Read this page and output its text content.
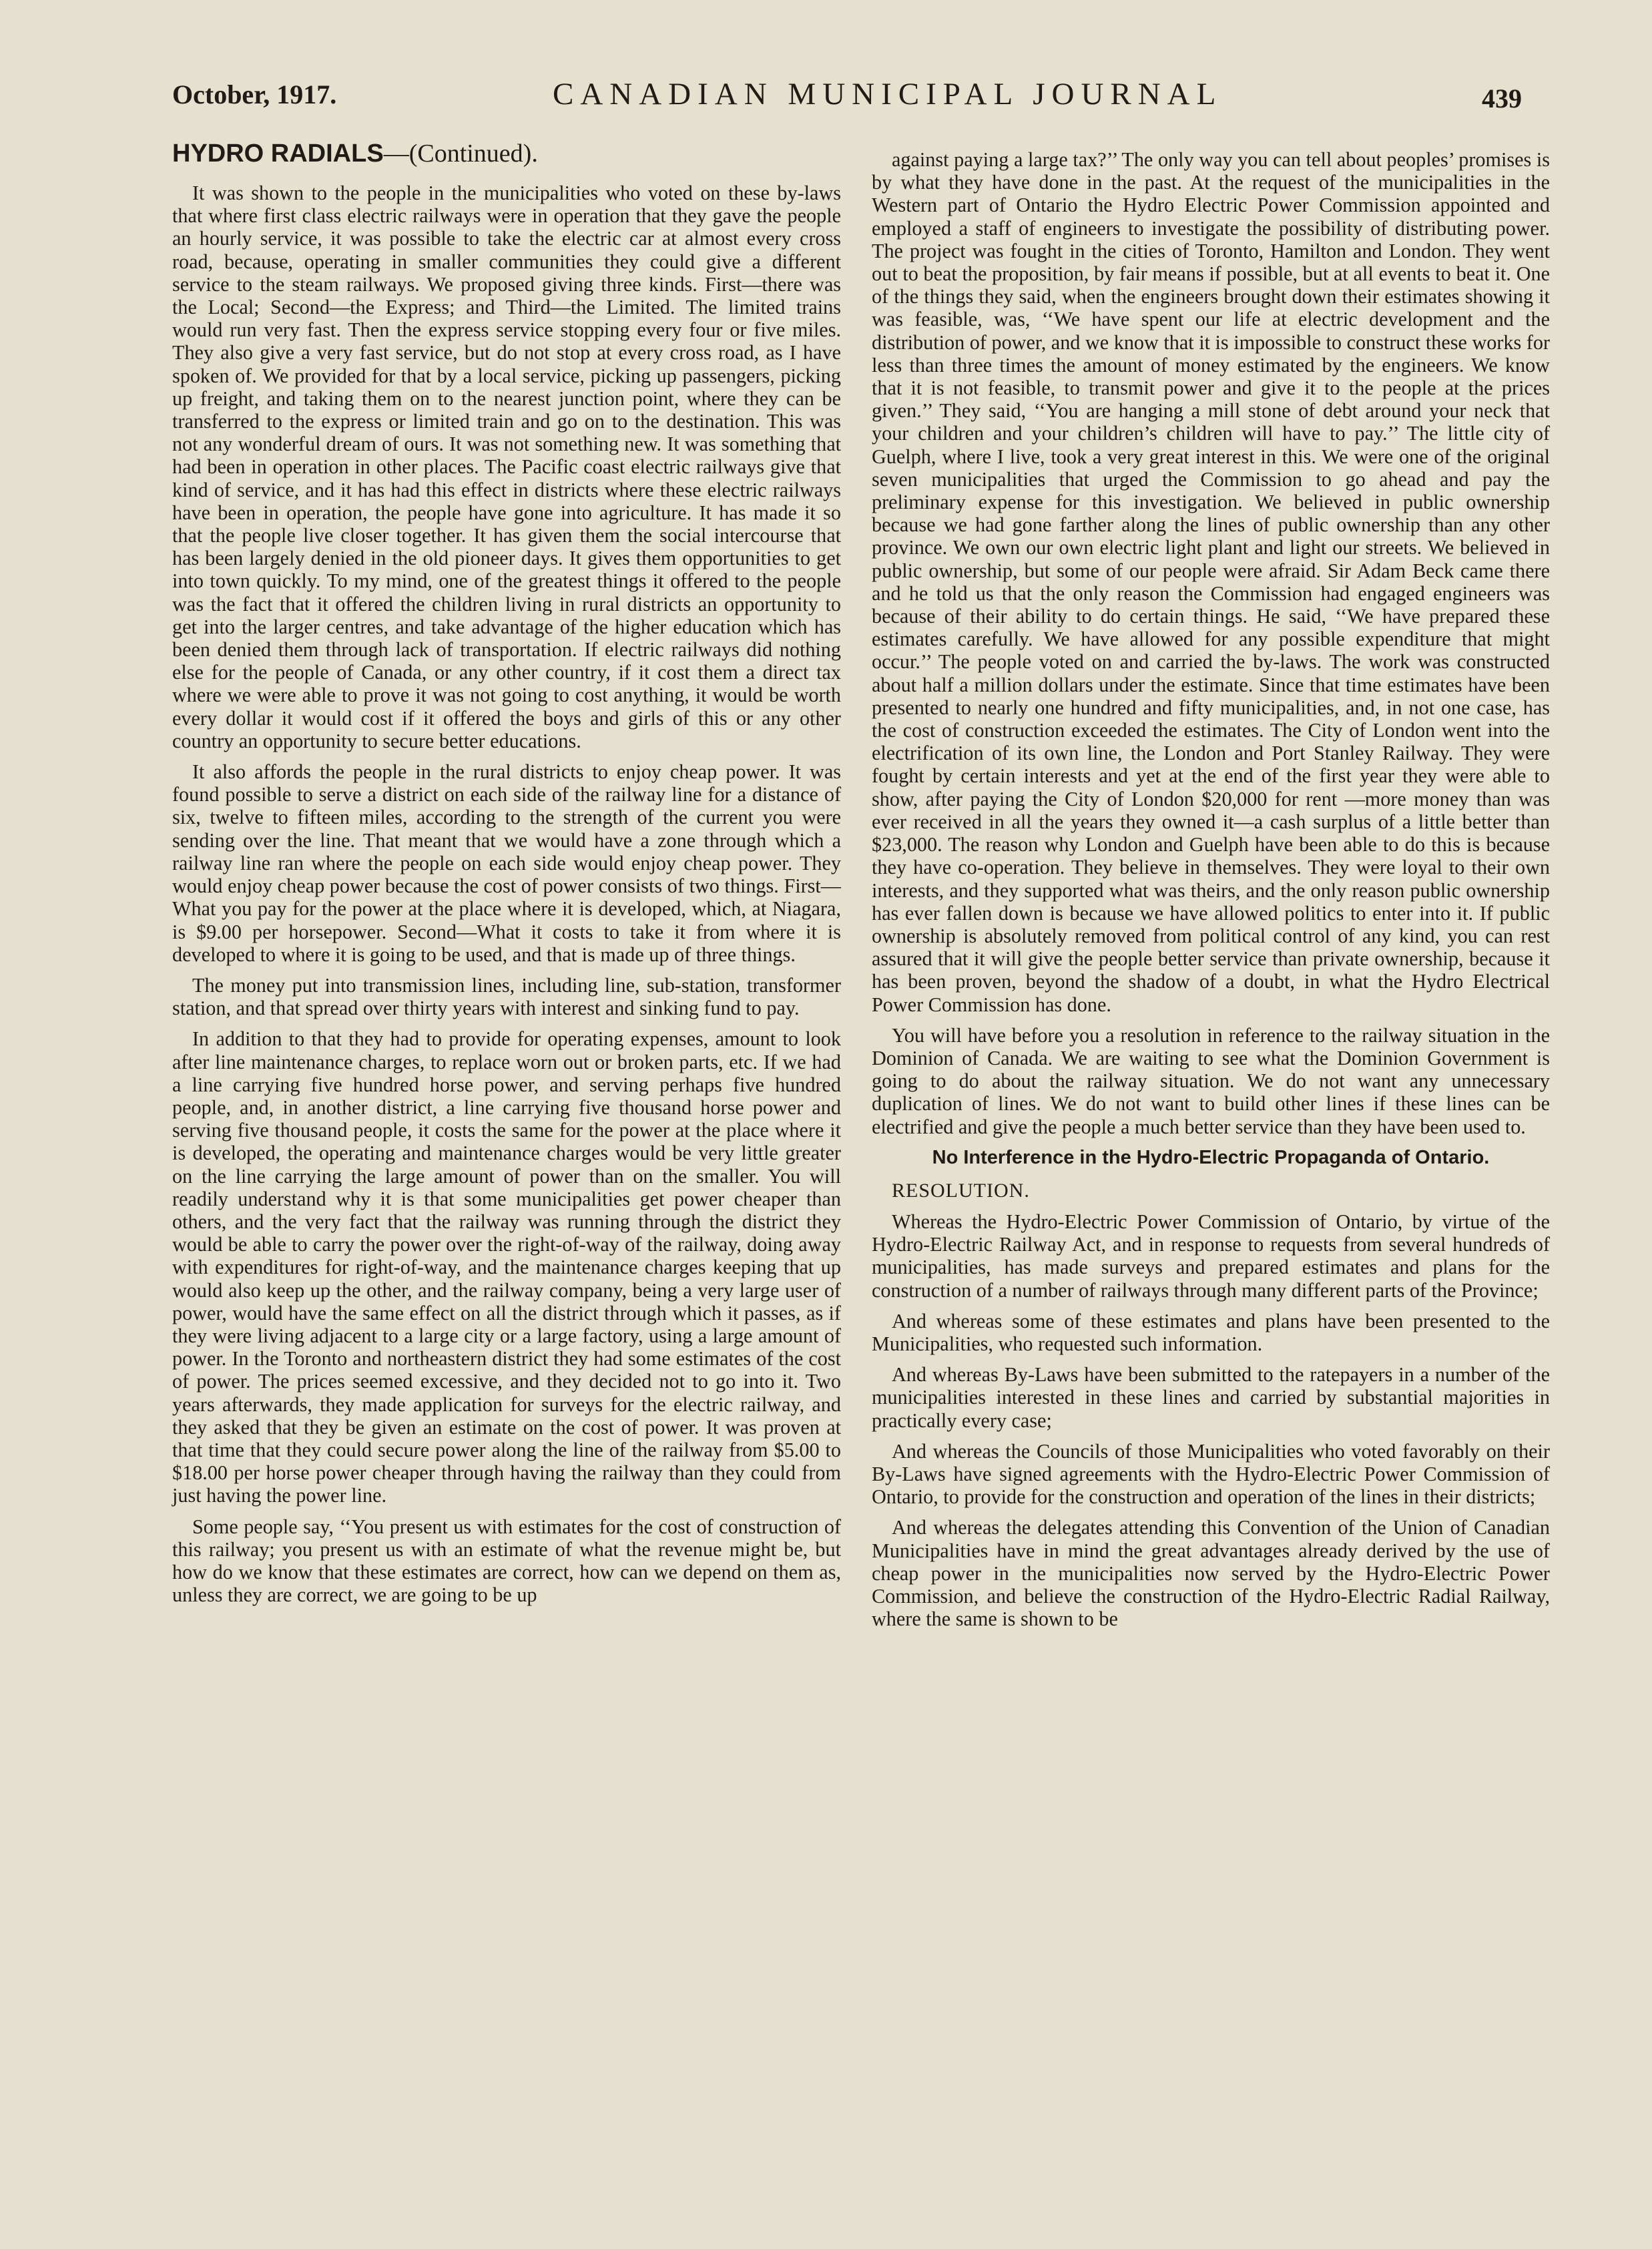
October, 1917.	CANADIAN MUNICIPAL JOURNAL	439
HYDRO RADIALS—(Continued).

It was shown to the people in the municipalities who voted on these by-laws that where first class electric railways were in operation that they gave the people an hourly service, it was possible to take the electric car at almost every cross road, because, operating in smaller communities they could give a different service to the steam railways. We proposed giving three kinds. First—there was the Local; Second—the Express; and Third—the Limited. The limited trains would run very fast. Then the express service stopping every four or five miles. They also give a very fast service, but do not stop at every cross road, as I have spoken of. We provided for that by a local service, picking up passengers, picking up freight, and taking them on to the nearest junction point, where they can be transferred to the express or limited train and go on to the destination. This was not any wonderful dream of ours. It was not something new. It was something that had been in operation in other places. The Pacific coast electric railways give that kind of service, and it has had this effect in districts where these electric railways have been in operation, the people have gone into agriculture. It has made it so that the people live closer together. It has given them the social intercourse that has been largely denied in the old pioneer days. It gives them opportunities to get into town quickly. To my mind, one of the greatest things it offered to the people was the fact that it offered the children living in rural districts an opportunity to get into the larger centres, and take advantage of the higher education which has been denied them through lack of transportation. If electric railways did nothing else for the people of Canada, or any other country, if it cost them a direct tax where we were able to prove it was not going to cost anything, it would be worth every dollar it would cost if it offered the boys and girls of this or any other country an opportunity to secure better educations.

It also affords the people in the rural districts to enjoy cheap power. It was found possible to serve a district on each side of the railway line for a distance of six, twelve to fifteen miles, according to the strength of the current you were sending over the line. That meant that we would have a zone through which a railway line ran where the people on each side would enjoy cheap power. They would enjoy cheap power because the cost of power consists of two things. First—What you pay for the power at the place where it is developed, which, at Niagara, is $9.00 per horsepower. Second—What it costs to take it from where it is developed to where it is going to be used, and that is made up of three things.

The money put into transmission lines, including line, sub-station, transformer station, and that spread over thirty years with interest and sinking fund to pay.

In addition to that they had to provide for operating expenses, amount to look after line maintenance charges, to replace worn out or broken parts, etc. If we had a line carrying five hundred horse power, and serving perhaps five hundred people, and, in another district, a line carrying five thousand horse power and serving five thousand people, it costs the same for the power at the place where it is developed, the operating and maintenance charges would be very little greater on the line carrying the large amount of power than on the smaller. You will readily understand why it is that some municipalities get power cheaper than others, and the very fact that the railway was running through the district they would be able to carry the power over the right-of-way of the railway, doing away with expenditures for right-of-way, and the maintenance charges keeping that up would also keep up the other, and the railway company, being a very large user of power, would have the same effect on all the district through which it passes, as if they were living adjacent to a large city or a large factory, using a large amount of power. In the Toronto and northeastern district they had some estimates of the cost of power. The prices seemed excessive, and they decided not to go into it. Two years afterwards, they made application for surveys for the electric railway, and they asked that they be given an estimate on the cost of power. It was proven at that time that they could secure power along the line of the railway from $5.00 to $18.00 per horse power cheaper through having the railway than they could from just having the power line.

Some people say, ‘‘You present us with estimates for the cost of construction of this railway; you present us with an estimate of what the revenue might be, but how do we know that these estimates are correct, how can we depend on them as, unless they are correct, we are going to be up

against paying a large tax?’’ The only way you can tell about peoples’ promises is by what they have done in the past. At the request of the municipalities in the Western part of Ontario the Hydro Electric Power Commission appointed and employed a staff of engineers to investigate the possibility of distributing power. The project was fought in the cities of Toronto, Hamilton and London. They went out to beat the proposition, by fair means if possible, but at all events to beat it. One of the things they said, when the engineers brought down their estimates showing it was feasible, was, ‘‘We have spent our life at electric development and the distribution of power, and we know that it is impossible to construct these works for less than three times the amount of money estimated by the engineers. We know that it is not feasible, to transmit power and give it to the people at the prices given.’’ They said, ‘‘You are hanging a mill stone of debt around your neck that your children and your children’s children will have to pay.’’ The little city of Guelph, where I live, took a very great interest in this. We were one of the original seven municipalities that urged the Commission to go ahead and pay the preliminary expense for this investigation. We believed in public ownership because we had gone farther along the lines of public ownership than any other province. We own our own electric light plant and light our streets. We believed in public ownership, but some of our people were afraid. Sir Adam Beck came there and he told us that the only reason the Commission had engaged engineers was because of their ability to do certain things. He said, ‘‘We have prepared these estimates carefully. We have allowed for any possible expenditure that might occur.’’ The people voted on and carried the by-laws. The work was constructed about half a million dollars under the estimate. Since that time estimates have been presented to nearly one hundred and fifty municipalities, and, in not one case, has the cost of construction exceeded the estimates. The City of London went into the electrification of its own line, the London and Port Stanley Railway. They were fought by certain interests and yet at the end of the first year they were able to show, after paying the City of London $20,000 for rent —more money than was ever received in all the years they owned it—a cash surplus of a little better than $23,000. The reason why London and Guelph have been able to do this is because they have co-operation. They believe in themselves. They were loyal to their own interests, and they supported what was theirs, and the only reason public ownership has ever fallen down is because we have allowed politics to enter into it. If public ownership is absolutely removed from political control of any kind, you can rest assured that it will give the people better service than private ownership, because it has been proven, beyond the shadow of a doubt, in what the Hydro Electrical Power Commission has done.

You will have before you a resolution in reference to the railway situation in the Dominion of Canada. We are waiting to see what the Dominion Government is going to do about the railway situation. We do not want any unnecessary duplication of lines. We do not want to build other lines if these lines can be electrified and give the people a much better service than they have been used to.

No Interference in the Hydro-Electric Propaganda of Ontario.

RESOLUTION.

Whereas the Hydro-Electric Power Commission of Ontario, by virtue of the Hydro-Electric Railway Act, and in response to requests from several hundreds of municipalities, has made surveys and prepared estimates and plans for the construction of a number of railways through many different parts of the Province;

And whereas some of these estimates and plans have been presented to the Municipalities, who requested such information.

And whereas By-Laws have been submitted to the ratepayers in a number of the municipalities interested in these lines and carried by substantial majorities in practically every case;

And whereas the Councils of those Municipalities who voted favorably on their By-Laws have signed agreements with the Hydro-Electric Power Commission of Ontario, to provide for the construction and operation of the lines in their districts;

And whereas the delegates attending this Convention of the Union of Canadian Municipalities have in mind the great advantages already derived by the use of cheap power in the municipalities now served by the Hydro-Electric Power Commission, and believe the construction of the Hydro-Electric Radial Railway, where the same is shown to be
